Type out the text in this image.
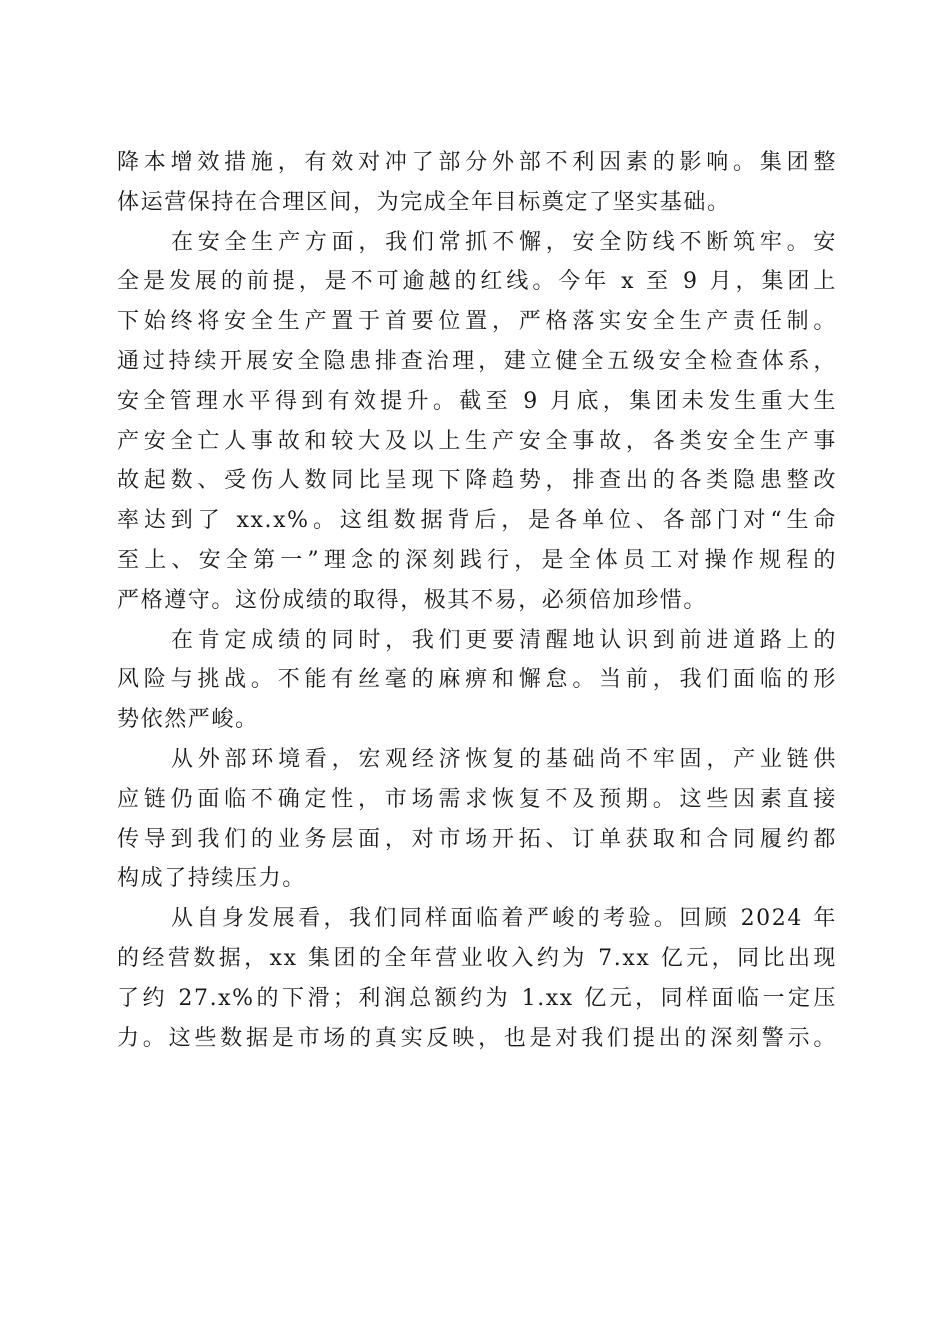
降本增效措施，有效对冲了部分外部不利因素的影响。集团整
体运营保持在合理区间，为完成全年目标奠定了坚实基础。
在安全生产方面，我们常抓不懈，安全防线不断筑牢。安
全是发展的前提，是不可逾越的红线。今年 x 至 9 月，集团上
下始终将安全生产置于首要位置，严格落实安全生产责任制。
通过持续开展安全隐患排查治理，建立健全五级安全检查体系，
安全管理水平得到有效提升。截至 9 月底，集团未发生重大生
产安全亡人事故和较大及以上生产安全事故，各类安全生产事
故起数、受伤人数同比呈现下降趋势，排查出的各类隐患整改
率达到了 xx.x%。这组数据背后，是各单位、各部门对“生命
至上、安全第一”理念的深刻践行，是全体员工对操作规程的
严格遵守。这份成绩的取得，极其不易，必须倍加珍惜。
在肯定成绩的同时，我们更要清醒地认识到前进道路上的
风险与挑战。不能有丝毫的麻痹和懈怠。当前，我们面临的形
势依然严峻。
从外部环境看，宏观经济恢复的基础尚不牢固，产业链供
应链仍面临不确定性，市场需求恢复不及预期。这些因素直接
传导到我们的业务层面，对市场开拓、订单获取和合同履约都
构成了持续压力。
从自身发展看，我们同样面临着严峻的考验。回顾 2024 年
的经营数据，xx 集团的全年营业收入约为 7.xx 亿元，同比出现
了约 27.x%的下滑；利润总额约为 1.xx 亿元，同样面临一定压
力。这些数据是市场的真实反映，也是对我们提出的深刻警示。
